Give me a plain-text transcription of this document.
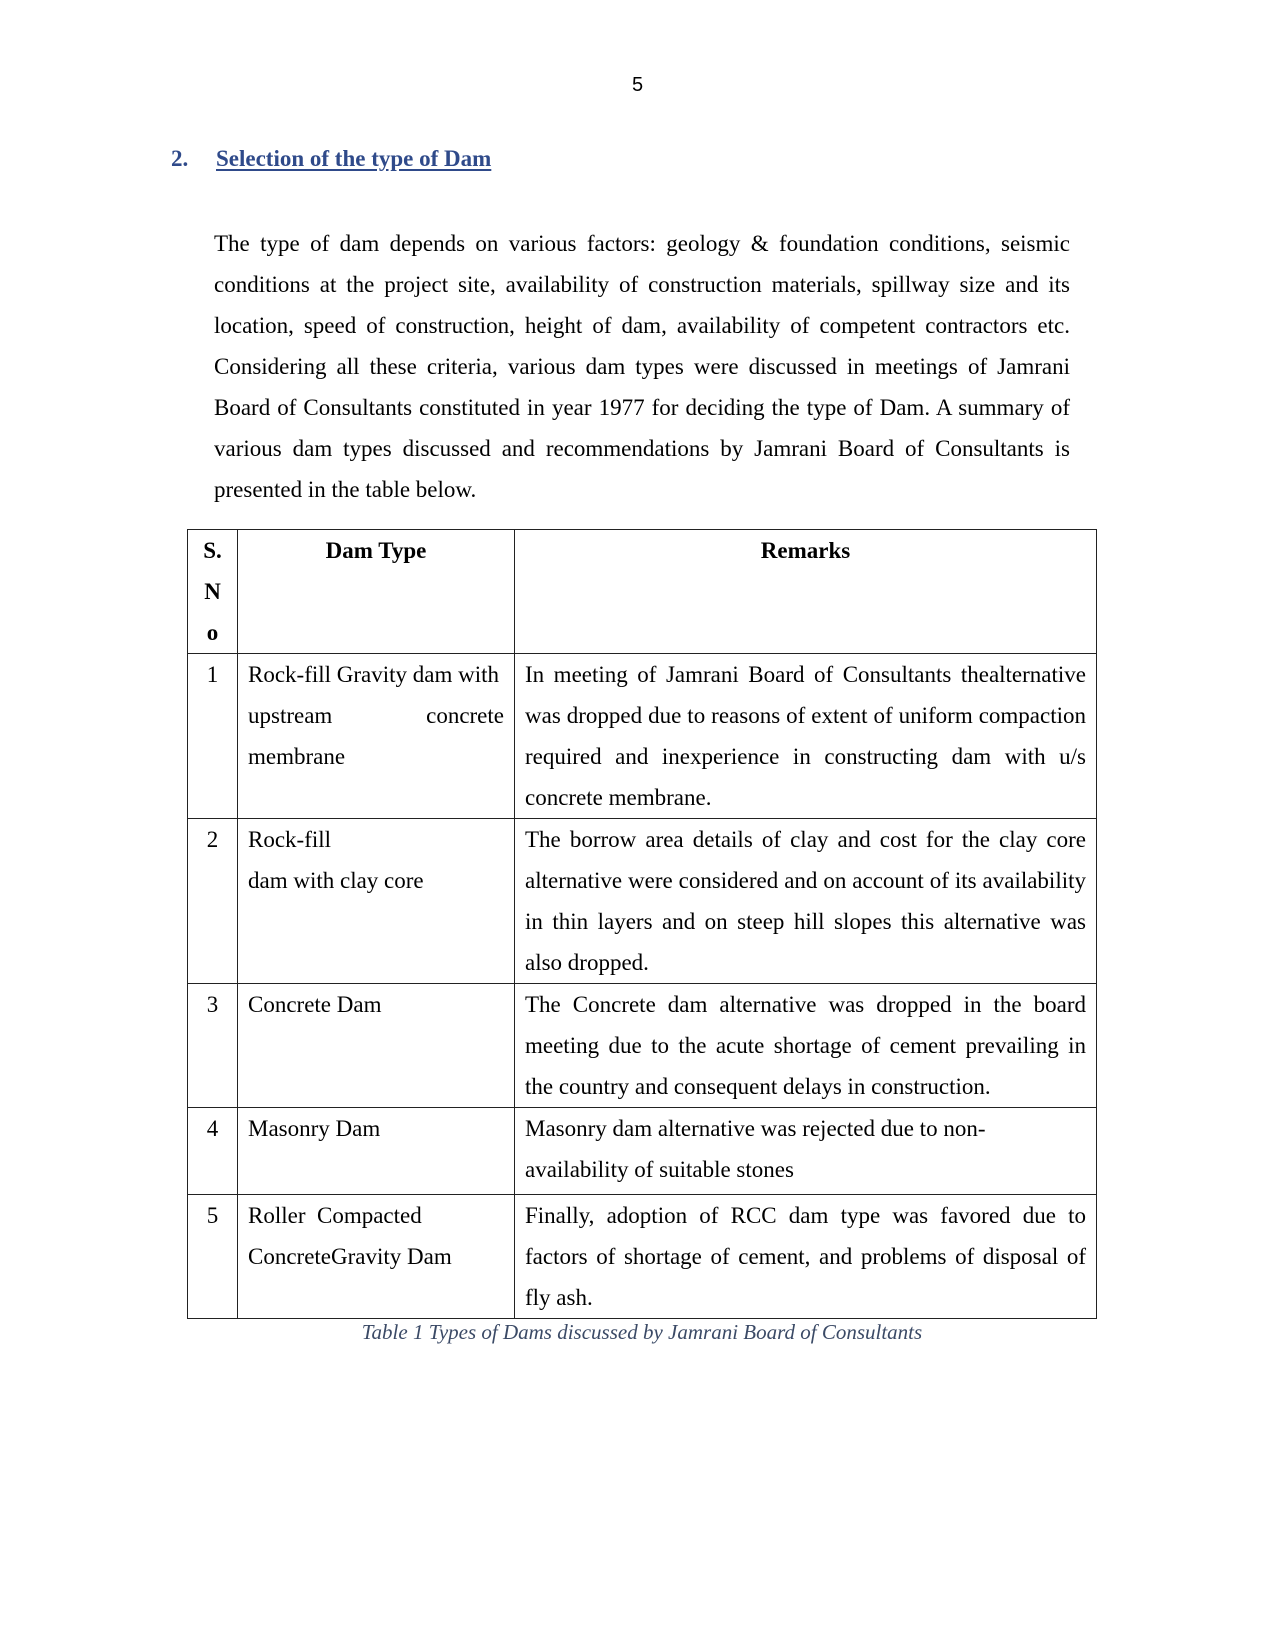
5
2. Selection of the type of Dam

The type of dam depends on various factors: geology & foundation conditions, seismic conditions at the project site, availability of construction materials, spillway size and its location, speed of construction, height of dam, availability of competent contractors etc. Considering all these criteria, various dam types were discussed in meetings of Jamrani Board of Consultants constituted in year 1977 for deciding the type of Dam. A summary of various dam types discussed and recommendations by Jamrani Board of Consultants is presented in the table below.

S.
N
o	Dam Type	Remarks
1	Rock-fill Gravity dam with
upstream concrete
membrane	In meeting of Jamrani Board of Consultants thealternative was dropped due to reasons of extent of uniform compaction required and inexperience in constructing dam with u/s concrete membrane.
2	Rock-fill
dam with clay core	The borrow area details of clay and cost for the clay core alternative were considered and on account of its availability in thin layers and on steep hill slopes this alternative was also dropped.
3	Concrete Dam	The Concrete dam alternative was dropped in the board meeting due to the acute shortage of cement prevailing in the country and consequent delays in construction.
4	Masonry Dam	Masonry dam alternative was rejected due to non-
availability of suitable stones

5	Roller  Compacted
ConcreteGravity Dam	Finally, adoption of RCC dam type was favored due to factors of shortage of cement, and problems of disposal of fly ash.
Table 1 Types of Dams discussed by Jamrani Board of Consultants
